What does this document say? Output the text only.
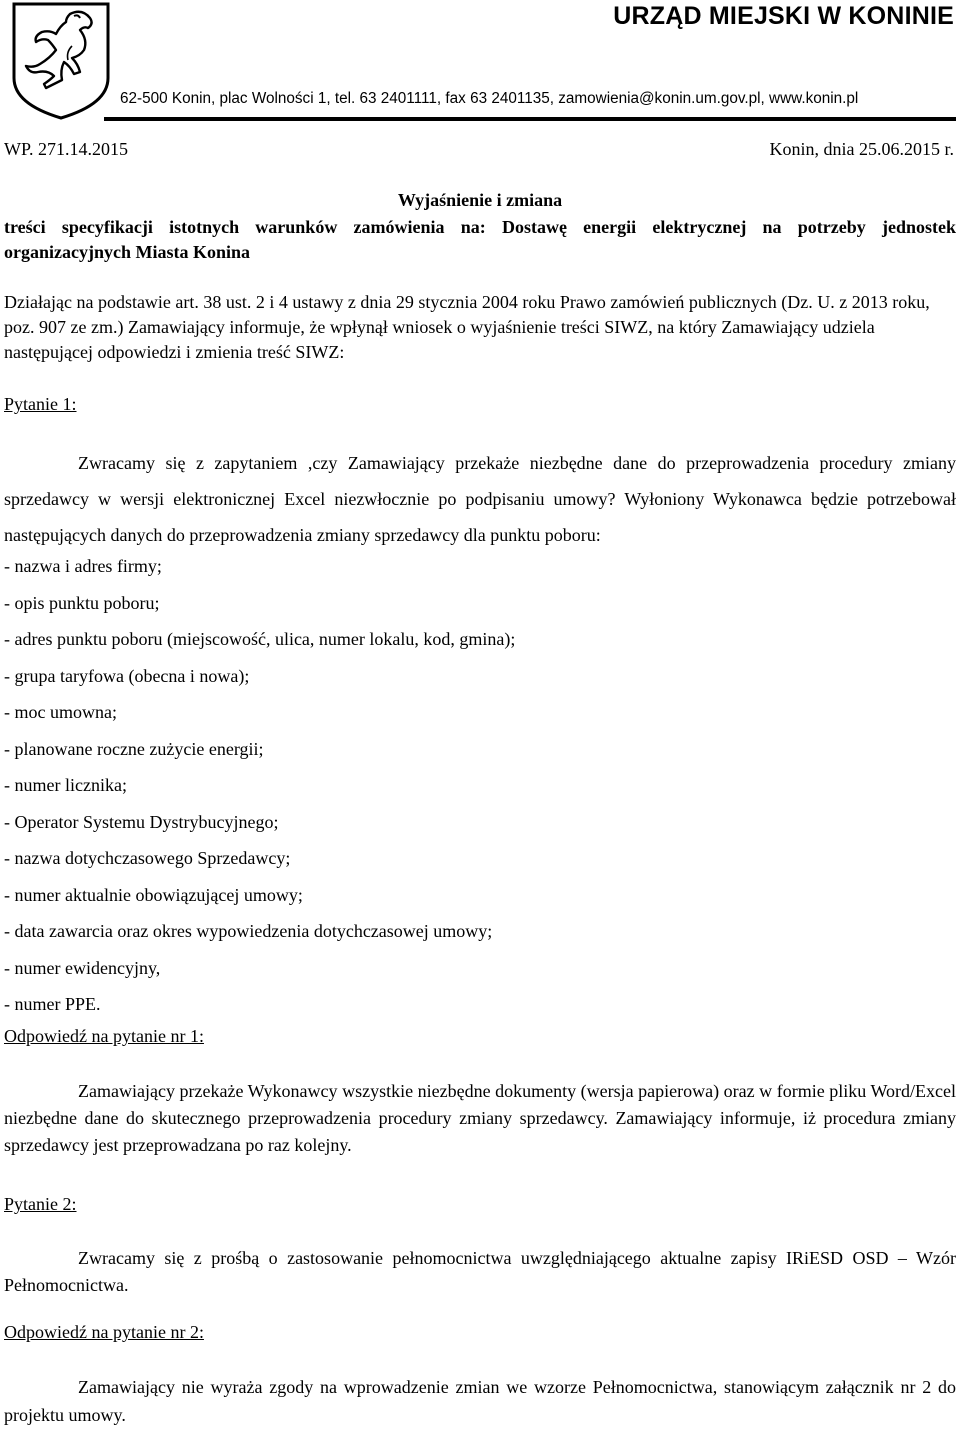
URZĄD MIEJSKI W KONINIE
62-500 Konin, plac Wolności 1, tel. 63 2401111, fax 63 2401135, zamowienia@konin.um.gov.pl, www.konin.pl
WP. 271.14.2015	Konin, dnia 25.06.2015 r.
Wyjaśnienie i zmiana
treści specyfikacji istotnych warunków zamówienia na: Dostawę energii elektrycznej na potrzeby jednostek organizacyjnych Miasta Konina
Działając na podstawie art. 38 ust. 2 i 4 ustawy z dnia 29 stycznia 2004 roku Prawo zamówień publicznych (Dz. U. z 2013 roku, poz. 907 ze zm.) Zamawiający informuje, że wpłynął wniosek o wyjaśnienie treści SIWZ, na który Zamawiający udziela następującej odpowiedzi i zmienia treść SIWZ:
Pytanie 1:
Zwracamy się z zapytaniem ,czy Zamawiający przekaże niezbędne dane do przeprowadzenia procedury zmiany sprzedawcy w wersji elektronicznej Excel niezwłocznie po podpisaniu umowy? Wyłoniony Wykonawca będzie potrzebował następujących danych do przeprowadzenia zmiany sprzedawcy dla punktu poboru:
- nazwa i adres firmy;
- opis punktu poboru;
- adres punktu poboru (miejscowość, ulica, numer lokalu, kod, gmina);
- grupa taryfowa (obecna i nowa);
- moc umowna;
- planowane roczne zużycie energii;
- numer licznika;
- Operator Systemu Dystrybucyjnego;
- nazwa dotychczasowego Sprzedawcy;
- numer aktualnie obowiązującej umowy;
- data zawarcia oraz okres wypowiedzenia dotychczasowej umowy;
- numer ewidencyjny,
- numer PPE.
Odpowiedź na pytanie nr 1:
Zamawiający przekaże Wykonawcy wszystkie niezbędne dokumenty (wersja papierowa) oraz w formie pliku Word/Excel niezbędne dane do skutecznego przeprowadzenia procedury zmiany sprzedawcy. Zamawiający informuje, iż procedura zmiany sprzedawcy jest przeprowadzana po raz kolejny.
Pytanie 2:
Zwracamy się z prośbą o zastosowanie pełnomocnictwa uwzględniającego aktualne zapisy IRiESD OSD – Wzór Pełnomocnictwa.
Odpowiedź na pytanie nr 2:
Zamawiający nie wyraża zgody na wprowadzenie zmian we wzorze Pełnomocnictwa, stanowiącym załącznik nr 2 do projektu umowy.
